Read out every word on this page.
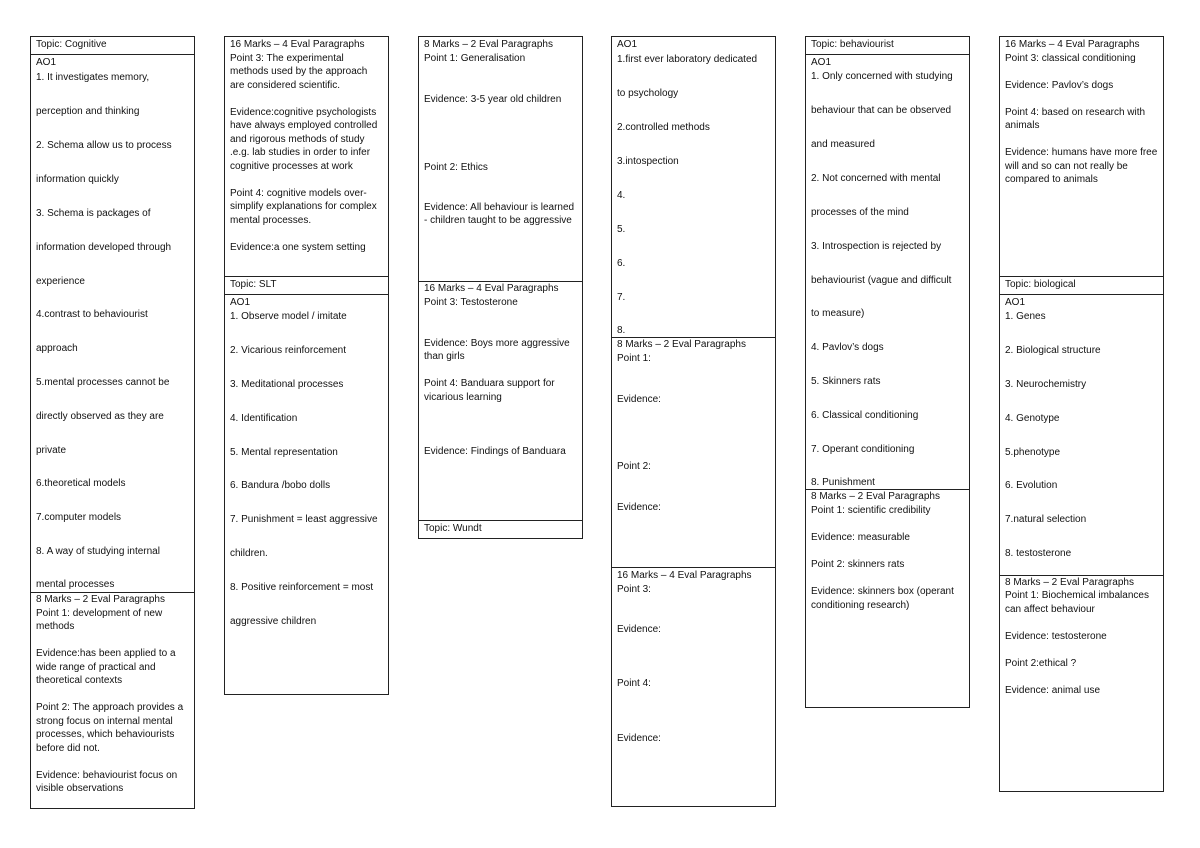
Topic: Cognitive
AO1
1. It investigates memory,
perception and thinking
2. Schema allow us to process
information quickly
3. Schema is packages of
information developed through
experience
4.contrast to behaviourist
approach
5.mental processes cannot be
directly observed as they are
private
6.theoretical models
7.computer models
8. A way of studying internal
mental processes
8 Marks – 2 Eval Paragraphs
Point 1: development of new
methods
Evidence:has been applied to a
wide range of practical and
theoretical contexts
Point 2: The approach provides a
strong focus on internal mental
processes, which behaviourists
before did not.
Evidence: behaviourist focus on
visible observations
16 Marks – 4 Eval Paragraphs
Point 3: The experimental
methods used by the approach
are considered scientific.
Evidence:cognitive psychologists
have always employed controlled
and rigorous methods of study
.e.g. lab studies in order to infer
cognitive processes at work
Point 4: cognitive models over-
simplify explanations for complex
mental processes.
Evidence:a one system setting
Topic: SLT
AO1
1. Observe model / imitate
2. Vicarious reinforcement
3. Meditational processes
4. Identification
5. Mental representation
6. Bandura /bobo dolls
7. Punishment = least aggressive
children.
8. Positive reinforcement = most
aggressive children
8 Marks – 2 Eval Paragraphs
Point 1: Generalisation
Evidence: 3-5 year old children
Point 2: Ethics
Evidence: All behaviour is learned
- children taught to be aggressive
16 Marks – 4 Eval Paragraphs
Point 3: Testosterone
Evidence: Boys more aggressive
than girls
Point 4: Banduara support for
vicarious learning
Evidence: Findings of Banduara
Topic: Wundt
AO1
1.first ever laboratory dedicated
to psychology
2.controlled methods
3.intospection
4.
5.
6.
7.
8.
8 Marks – 2 Eval Paragraphs
Point 1:
Evidence:
Point 2:
Evidence:
16 Marks – 4 Eval Paragraphs
Point 3:
Evidence:
Point 4:
Evidence:
Topic: behaviourist
AO1
1. Only concerned with studying
behaviour that can be observed
and measured
2. Not concerned with mental
processes of the mind
3. Introspection is rejected by
behaviourist (vague and difficult
to measure)
4. Pavlov’s dogs
5. Skinners rats
6. Classical conditioning
7. Operant conditioning
8. Punishment
8 Marks – 2 Eval Paragraphs
Point 1: scientific credibility
Evidence: measurable
Point 2: skinners rats
Evidence: skinners box (operant
conditioning research)
16 Marks – 4 Eval Paragraphs
Point 3: classical conditioning
Evidence: Pavlov’s dogs
Point 4: based on research with
animals
Evidence: humans have more free
will and so can not really be
compared to animals
Topic: biological
AO1
1. Genes
2. Biological structure
3. Neurochemistry
4. Genotype
5.phenotype
6. Evolution
7.natural selection
8. testosterone
8 Marks – 2 Eval Paragraphs
Point 1: Biochemical imbalances
can affect behaviour
Evidence: testosterone
Point 2:ethical ?
Evidence: animal use
